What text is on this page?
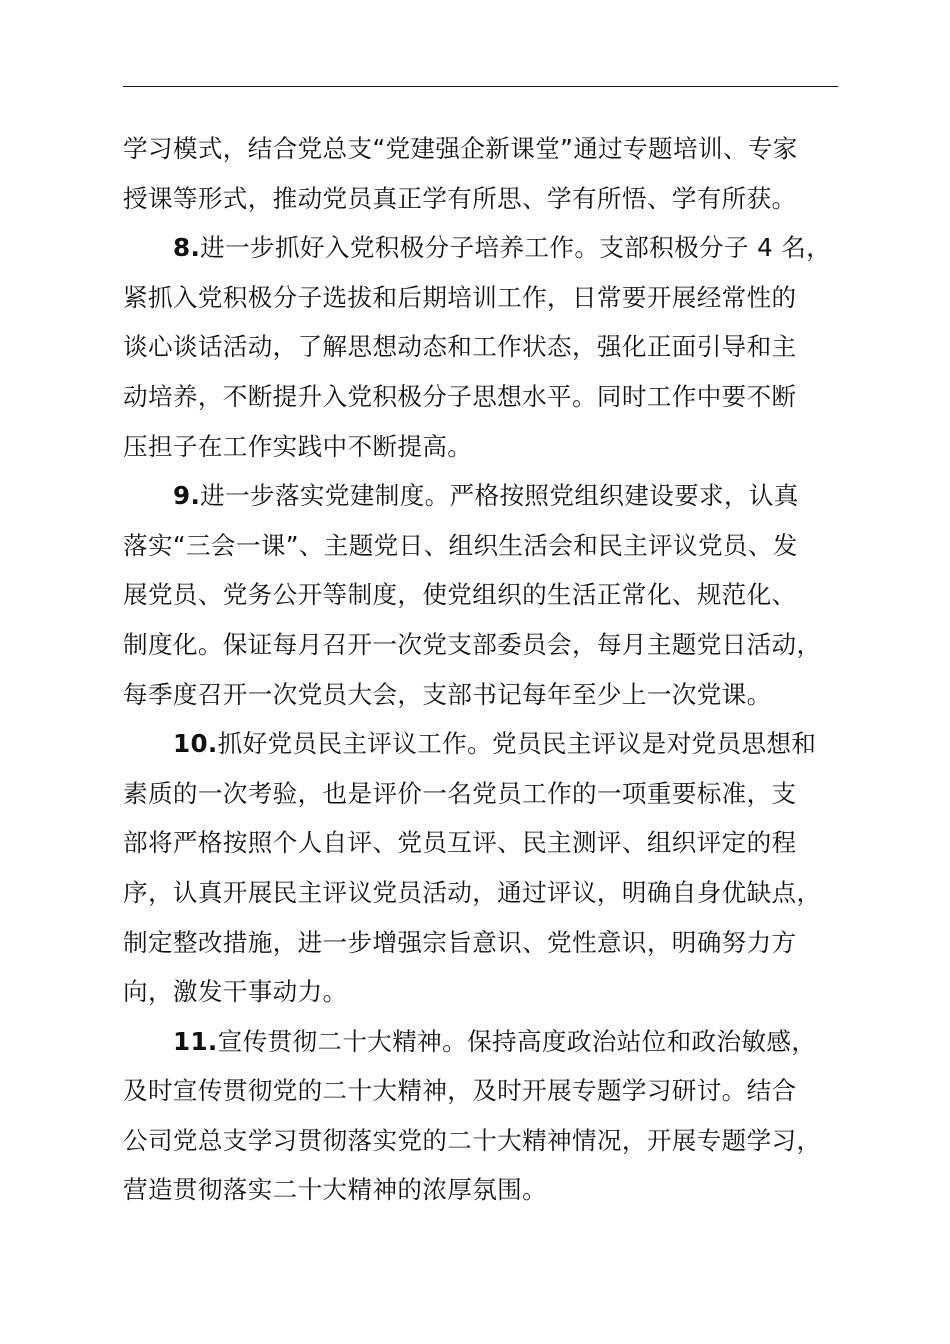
学习模式，结合党总支“党建强企新课堂”通过专题培训、专家
授课等形式，推动党员真正学有所思、学有所悟、学有所获。
8.进一步抓好入党积极分子培养工作。支部积极分子 4 名，
紧抓入党积极分子选拔和后期培训工作，日常要开展经常性的
谈心谈话活动，了解思想动态和工作状态，强化正面引导和主
动培养，不断提升入党积极分子思想水平。同时工作中要不断
压担子在工作实践中不断提高。
9.进一步落实党建制度。严格按照党组织建设要求，认真
落实“三会一课”、主题党日、组织生活会和民主评议党员、发
展党员、党务公开等制度，使党组织的生活正常化、规范化、
制度化。保证每月召开一次党支部委员会，每月主题党日活动，
每季度召开一次党员大会，支部书记每年至少上一次党课。
10.抓好党员民主评议工作。党员民主评议是对党员思想和
素质的一次考验，也是评价一名党员工作的一项重要标准，支
部将严格按照个人自评、党员互评、民主测评、组织评定的程
序，认真开展民主评议党员活动，通过评议，明确自身优缺点，
制定整改措施，进一步增强宗旨意识、党性意识，明确努力方
向，激发干事动力。
11.宣传贯彻二十大精神。保持高度政治站位和政治敏感，
及时宣传贯彻党的二十大精神，及时开展专题学习研讨。结合
公司党总支学习贯彻落实党的二十大精神情况，开展专题学习，
营造贯彻落实二十大精神的浓厚氛围。
